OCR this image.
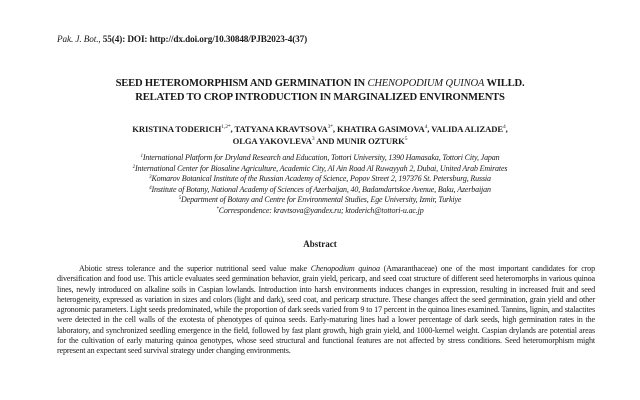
Pak. J. Bot., 55(4): DOI: http://dx.doi.org/10.30848/PJB2023-4(37)
SEED HETEROMORPHISM AND GERMINATION IN CHENOPODIUM QUINOA WILLD.
RELATED TO CROP INTRODUCTION IN MARGINALIZED ENVIRONMENTS
KRISTINA $TODERICH^{1,2*}$, TATYANA $KRAVTSOVA^{3*}$, KHATIRA GASIMOVA$^4$, VALIDA ALIZADE$^4$,
OLGA YAKOVLEVA$^3$ AND MUNIR OZTURK$^5$
$^1$International Platform for Dryland Research and Education, Tottori University, 1390 Hamasaka, Tottori City, Japan
$^2$International Center for Biosaline Agriculture, Academic City, Al Ain Road Al Ruwayyah 2, Dubai, United Arab Emirates
$^3$Komarov Botanical Institute of the Russian Academy of Science, Popov Street 2, 197376 St. Petersburg, Russia
$^4$Institute of Botany, National Academy of Sciences of Azerbaijan, 40, Badamdartskoe Avenue, Baku, Azerbaijan
$^5$Department of Botany and Centre for Environmental Studies, Ege University, Izmir, Turkiye
*Correspondence: kravtsova@yandex.ru; ktoderich@tottori-u.ac.jp
Abstract

Abiotic stress tolerance and the superior nutritional seed value make Chenopodium quinoa (Amaranthaceae) one of the most important candidates for crop diversification and food use. This article evaluates seed germination behavior, grain yield, pericarp, and seed coat structure of different seed heteromorphs in various quinoa lines, newly introduced on alkaline soils in Caspian lowlands. Introduction into harsh environments induces changes in expression, resulting in increased fruit and seed heterogeneity, expressed as variation in sizes and colors (light and dark), seed coat, and pericarp structure. These changes affect the seed germination, grain yield and other agronomic parameters. Light seeds predominated, while the proportion of dark seeds varied from 9 to 17 percent in the quinoa lines examined. Tannins, lignin, and stalactites were detected in the cell walls of the exotesta of phenotypes of quinoa seeds. Early-maturing lines had a lower percentage of dark seeds, high germination rates in the laboratory, and synchronized seedling emergence in the field, followed by fast plant growth, high grain yield, and 1000-kernel weight. Caspian drylands are potential areas for the cultivation of early maturing quinoa genotypes, whose seed structural and functional features are not affected by stress conditions. Seed heteromorphism might represent an expectant seed survival strategy under changing environments.
